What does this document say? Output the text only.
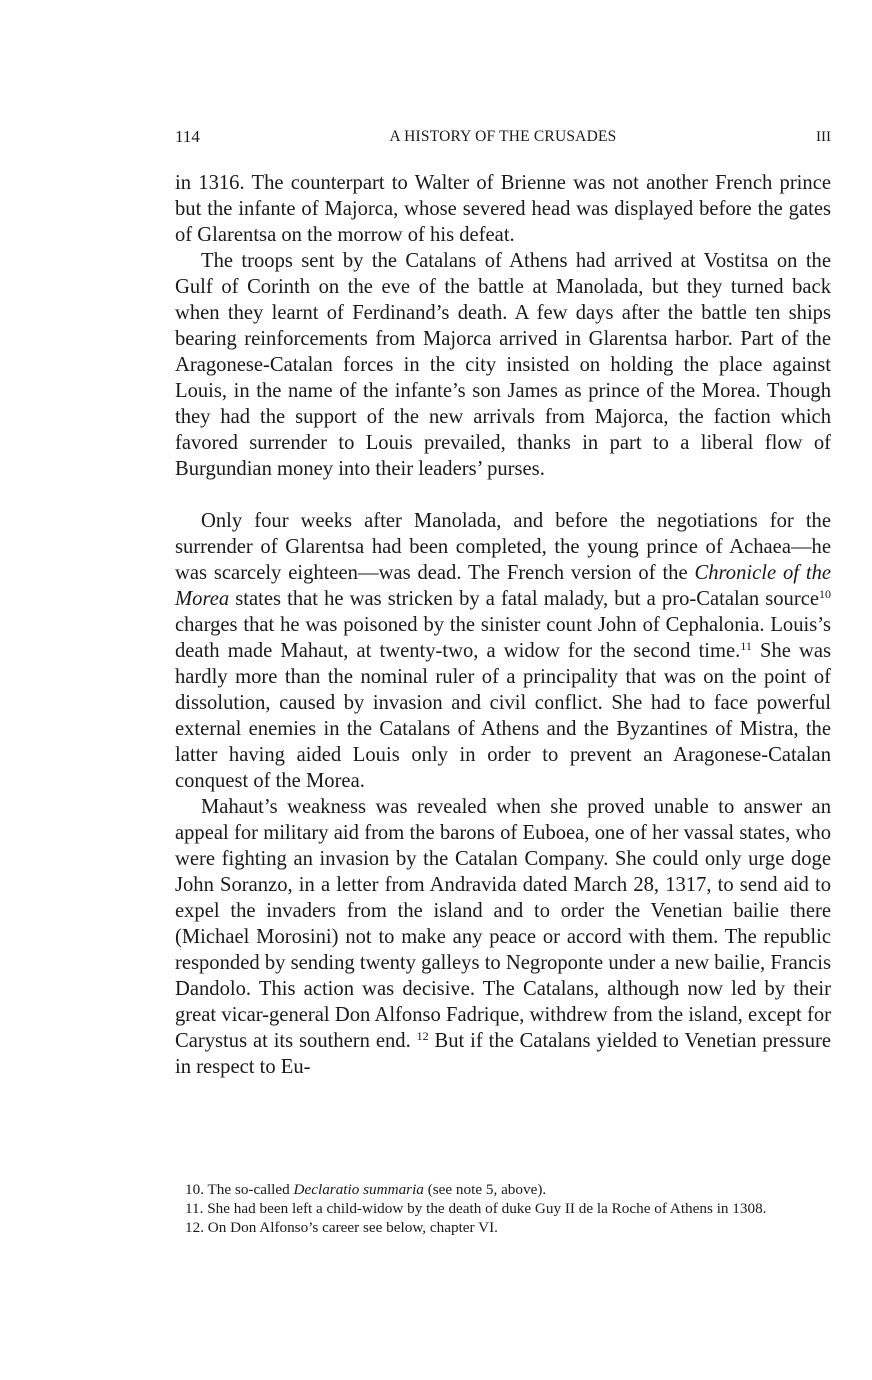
114	A HISTORY OF THE CRUSADES	III

in 1316. The counterpart to Walter of Brienne was not another French prince but the infante of Majorca, whose severed head was displayed before the gates of Glarentsa on the morrow of his defeat.

The troops sent by the Catalans of Athens had arrived at Vostitsa on the Gulf of Corinth on the eve of the battle at Manolada, but they turned back when they learnt of Ferdinand’s death. A few days after the battle ten ships bearing reinforcements from Majorca arrived in Glarentsa harbor. Part of the Aragonese-Catalan forces in the city insisted on holding the place against Louis, in the name of the infante’s son James as prince of the Morea. Though they had the support of the new arrivals from Majorca, the faction which favored surrender to Louis prevailed, thanks in part to a liberal flow of Burgundian money into their leaders’ purses.

Only four weeks after Manolada, and before the negotiations for the surrender of Glarentsa had been completed, the young prince of Achaea—he was scarcely eighteen—was dead. The French version of the Chronicle of the Morea states that he was stricken by a fatal malady, but a pro-Catalan source$^{10}$ charges that he was poisoned by the sinister count John of Cephalonia. Louis’s death made Mahaut, at twenty-two, a widow for the second time.$^{11}$ She was hardly more than the nominal ruler of a principality that was on the point of dissolution, caused by invasion and civil conflict. She had to face powerful external enemies in the Catalans of Athens and the Byzantines of Mistra, the latter having aided Louis only in order to prevent an Aragonese-Catalan conquest of the Morea.

Mahaut’s weakness was revealed when she proved unable to answer an appeal for military aid from the barons of Euboea, one of her vassal states, who were fighting an invasion by the Catalan Company. She could only urge doge John Soranzo, in a letter from Andravida dated March 28, 1317, to send aid to expel the invaders from the island and to order the Venetian bailie there (Michael Morosini) not to make any peace or accord with them. The republic responded by sending twenty galleys to Negroponte under a new bailie, Francis Dandolo. This action was decisive. The Catalans, although now led by their great vicar-general Don Alfonso Fadrique, withdrew from the island, except for Carystus at its southern end. $^{12}$ But if the Catalans yielded to Venetian pressure in respect to Eu-

10. The so-called Declaratio summaria (see note 5, above).

11. She had been left a child-widow by the death of duke Guy II de la Roche of Athens in 1308.

12. On Don Alfonso’s career see below, chapter VI.
